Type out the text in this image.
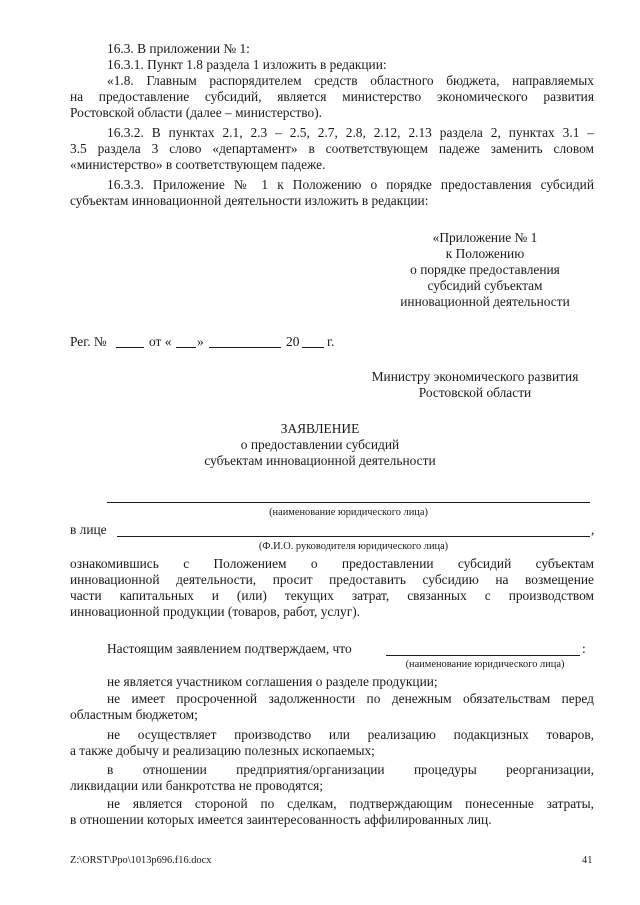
16.3. В приложении № 1:

16.3.1. Пункт 1.8 раздела 1 изложить в редакции:

«1.8. Главным распорядителем средств областного бюджета, направляемых

на предоставление субсидий, является министерство экономического развития

Ростовской области (далее – министерство).

16.3.2. В пунктах 2.1, 2.3 – 2.5, 2.7, 2.8, 2.12, 2.13 раздела 2, пунктах 3.1 –

3.5 раздела 3 слово «департамент» в соответствующем падеже заменить словом

«министерство» в соответствующем падеже.

16.3.3. Приложение № 1 к Положению о порядке предоставления субсидий

субъектам инновационной деятельности изложить в редакции:

«Приложение № 1

к Положению

о порядке предоставления

субсидий субъектам

инновационной деятельности

Рег. №	от « »	20 г.

Министру экономического развития

Ростовской области

ЗАЯВЛЕНИЕ

о предоставлении субсидий

субъектам инновационной деятельности

(наименование юридического лица)

в лице	,

(Ф.И.О. руководителя юридического лица)

ознакомившись с Положением о предоставлении субсидий субъектам

инновационной деятельности, просит предоставить субсидию на возмещение

части капитальных и (или) текущих затрат, связанных с производством

инновационной продукции (товаров, работ, услуг).

Настоящим заявлением подтверждаем, что	:

(наименование юридического лица)

не является участником соглашения о разделе продукции;

не имеет просроченной задолженности по денежным обязательствам перед

областным бюджетом;

не осуществляет производство или реализацию подакцизных товаров,

а также добычу и реализацию полезных ископаемых;

в отношении предприятия/организации процедуры реорганизации,

ликвидации или банкротства не проводятся;

не является стороной по сделкам, подтверждающим понесенные затраты,

в отношении которых имеется заинтересованность аффилированных лиц.

Z:\ORST\Ppo\1013p696.f16.docx	41
